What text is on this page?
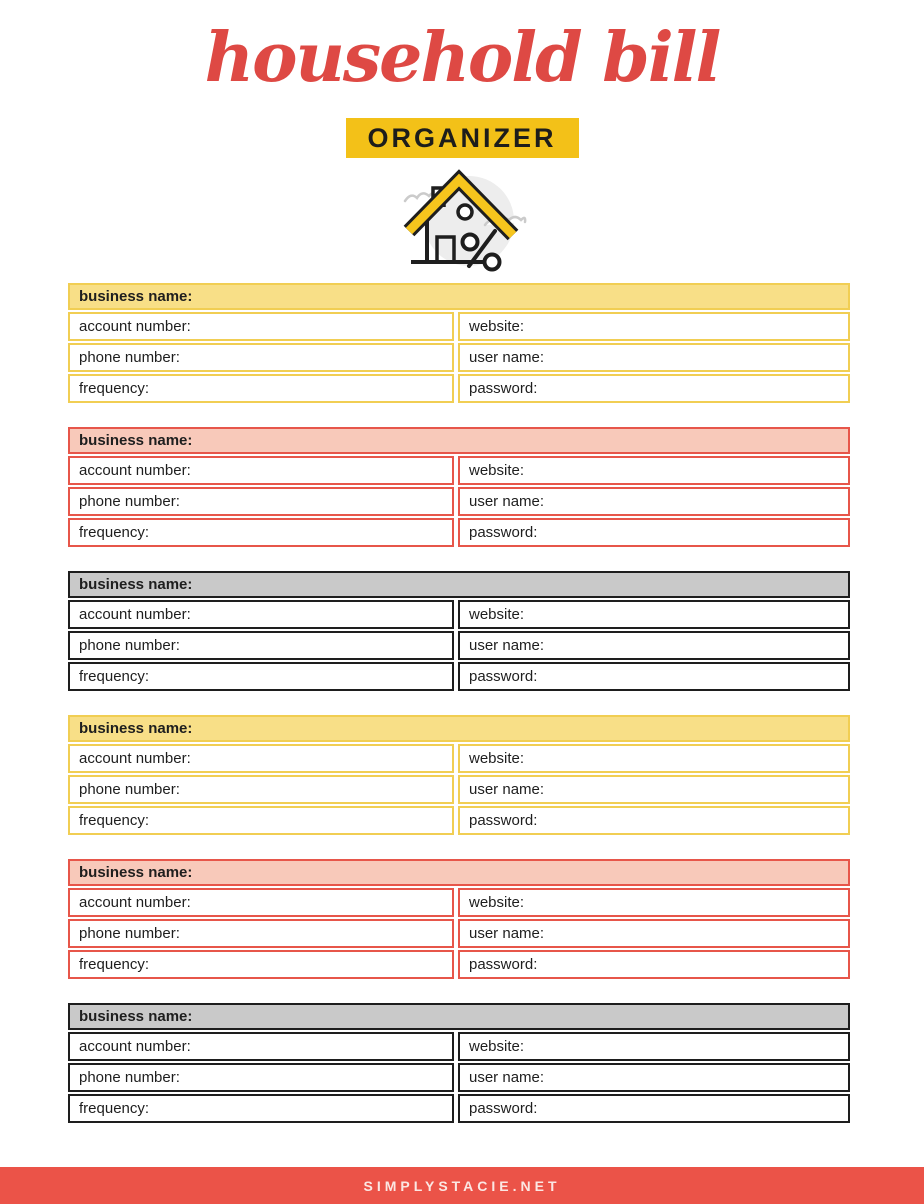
household bill
ORGANIZER
business name:
account number:	website:
phone number:	user name:
frequency:	password:
business name:
account number:	website:
phone number:	user name:
frequency:	password:
business name:
account number:	website:
phone number:	user name:
frequency:	password:
business name:
account number:	website:
phone number:	user name:
frequency:	password:
business name:
account number:	website:
phone number:	user name:
frequency:	password:
business name:
account number:	website:
phone number:	user name:
frequency:	password:
SIMPLYSTACIE.NET
